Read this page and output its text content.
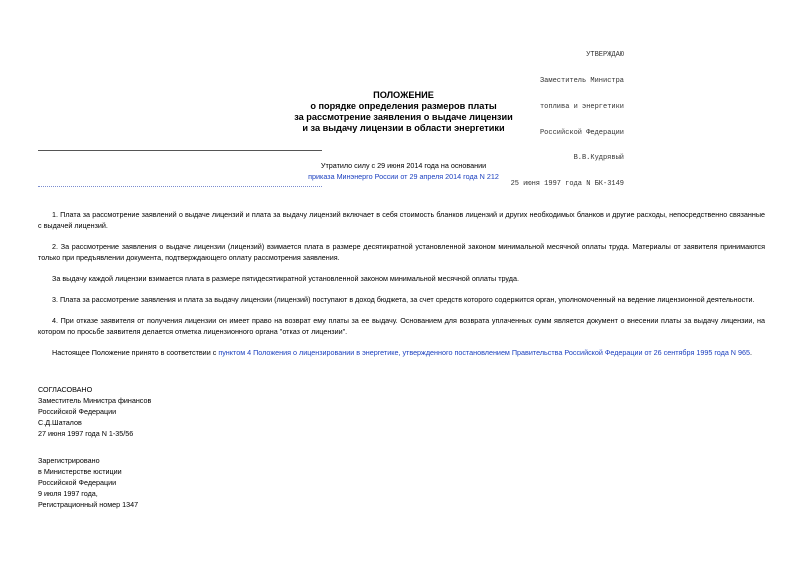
УТВЕРЖДАЮ

Заместитель Министра

топлива и энергетики

Российской Федерации

В.В.Кудрявый

25 июня 1997 года N БК-3149

ПОЛОЖЕНИЕ
о порядке определения размеров платы
за рассмотрение заявления о выдаче лицензии
и за выдачу лицензии в области энергетики
Утратило силу с 29 июня 2014 года на основании
приказа Минэнерго России от 29 апреля 2014 года N 212

1. Плата за рассмотрение заявлений о выдаче лицензий и плата за выдачу лицензий включает в себя стоимость бланков лицензий и других необходимых бланков и другие расходы, непосредственно связанные с выдачей лицензий.

2. За рассмотрение заявления о выдаче лицензии (лицензий) взимается плата в размере десятикратной установленной законом минимальной месячной оплаты труда. Материалы от заявителя принимаются только при предъявлении документа, подтверждающего оплату рассмотрения заявления.

За выдачу каждой лицензии взимается плата в размере пятидесятикратной установленной законом минимальной месячной оплаты труда.

3. Плата за рассмотрение заявления и плата за выдачу лицензии (лицензий) поступают в доход бюджета, за счет средств которого содержится орган, уполномоченный на ведение лицензионной деятельности.

4. При отказе заявителя от получения лицензии он имеет право на возврат ему платы за ее выдачу. Основанием для возврата уплаченных сумм является документ о внесении платы за выдачу лицензии, на котором по просьбе заявителя делается отметка лицензионного органа "отказ от лицензии".

Настоящее Положение принято в соответствии с пунктом 4 Положения о лицензировании в энергетике, утвержденного постановлением Правительства Российской Федерации от 26 сентября 1995 года N 965.

СОГЛАСОВАНО
Заместитель Министра финансов
Российской Федерации
С.Д.Шаталов
27 июня 1997 года N 1-35/56
Зарегистрировано
в Министерстве юстиции
Российской Федерации
9 июля 1997 года,
Регистрационный номер 1347
